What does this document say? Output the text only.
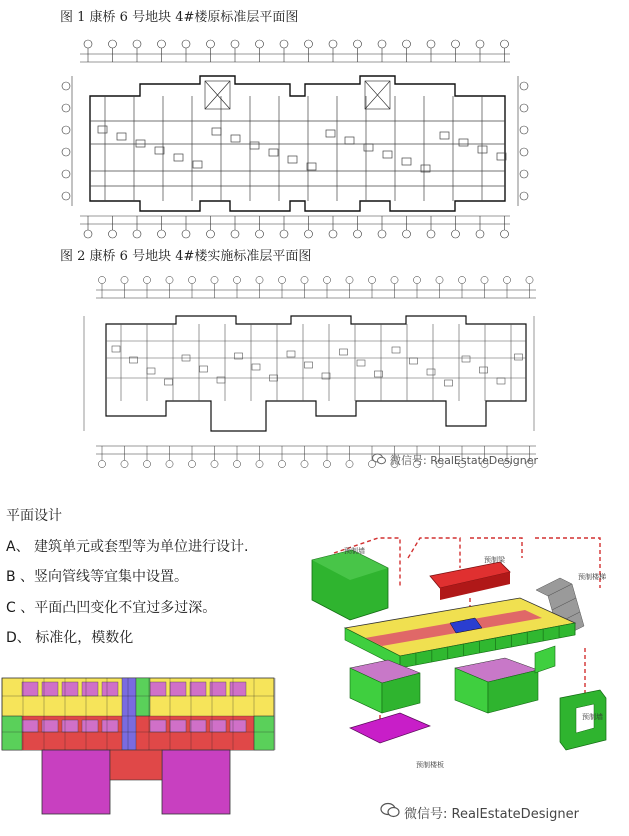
图 1 康桥 6 号地块 4#楼原标准层平面图
图 2 康桥 6 号地块 4#楼实施标准层平面图
微信号: RealEstateDesigner
平面设计
A、 建筑单元或套型等为单位进行设计.
B 、竖向管线等宜集中设置。
C 、平面凸凹变化不宜过多过深。
D、 标准化，模数化
预制墙
预制梁
预制楼梯
预制楼板
预制墙
微信号: RealEstateDesigner
